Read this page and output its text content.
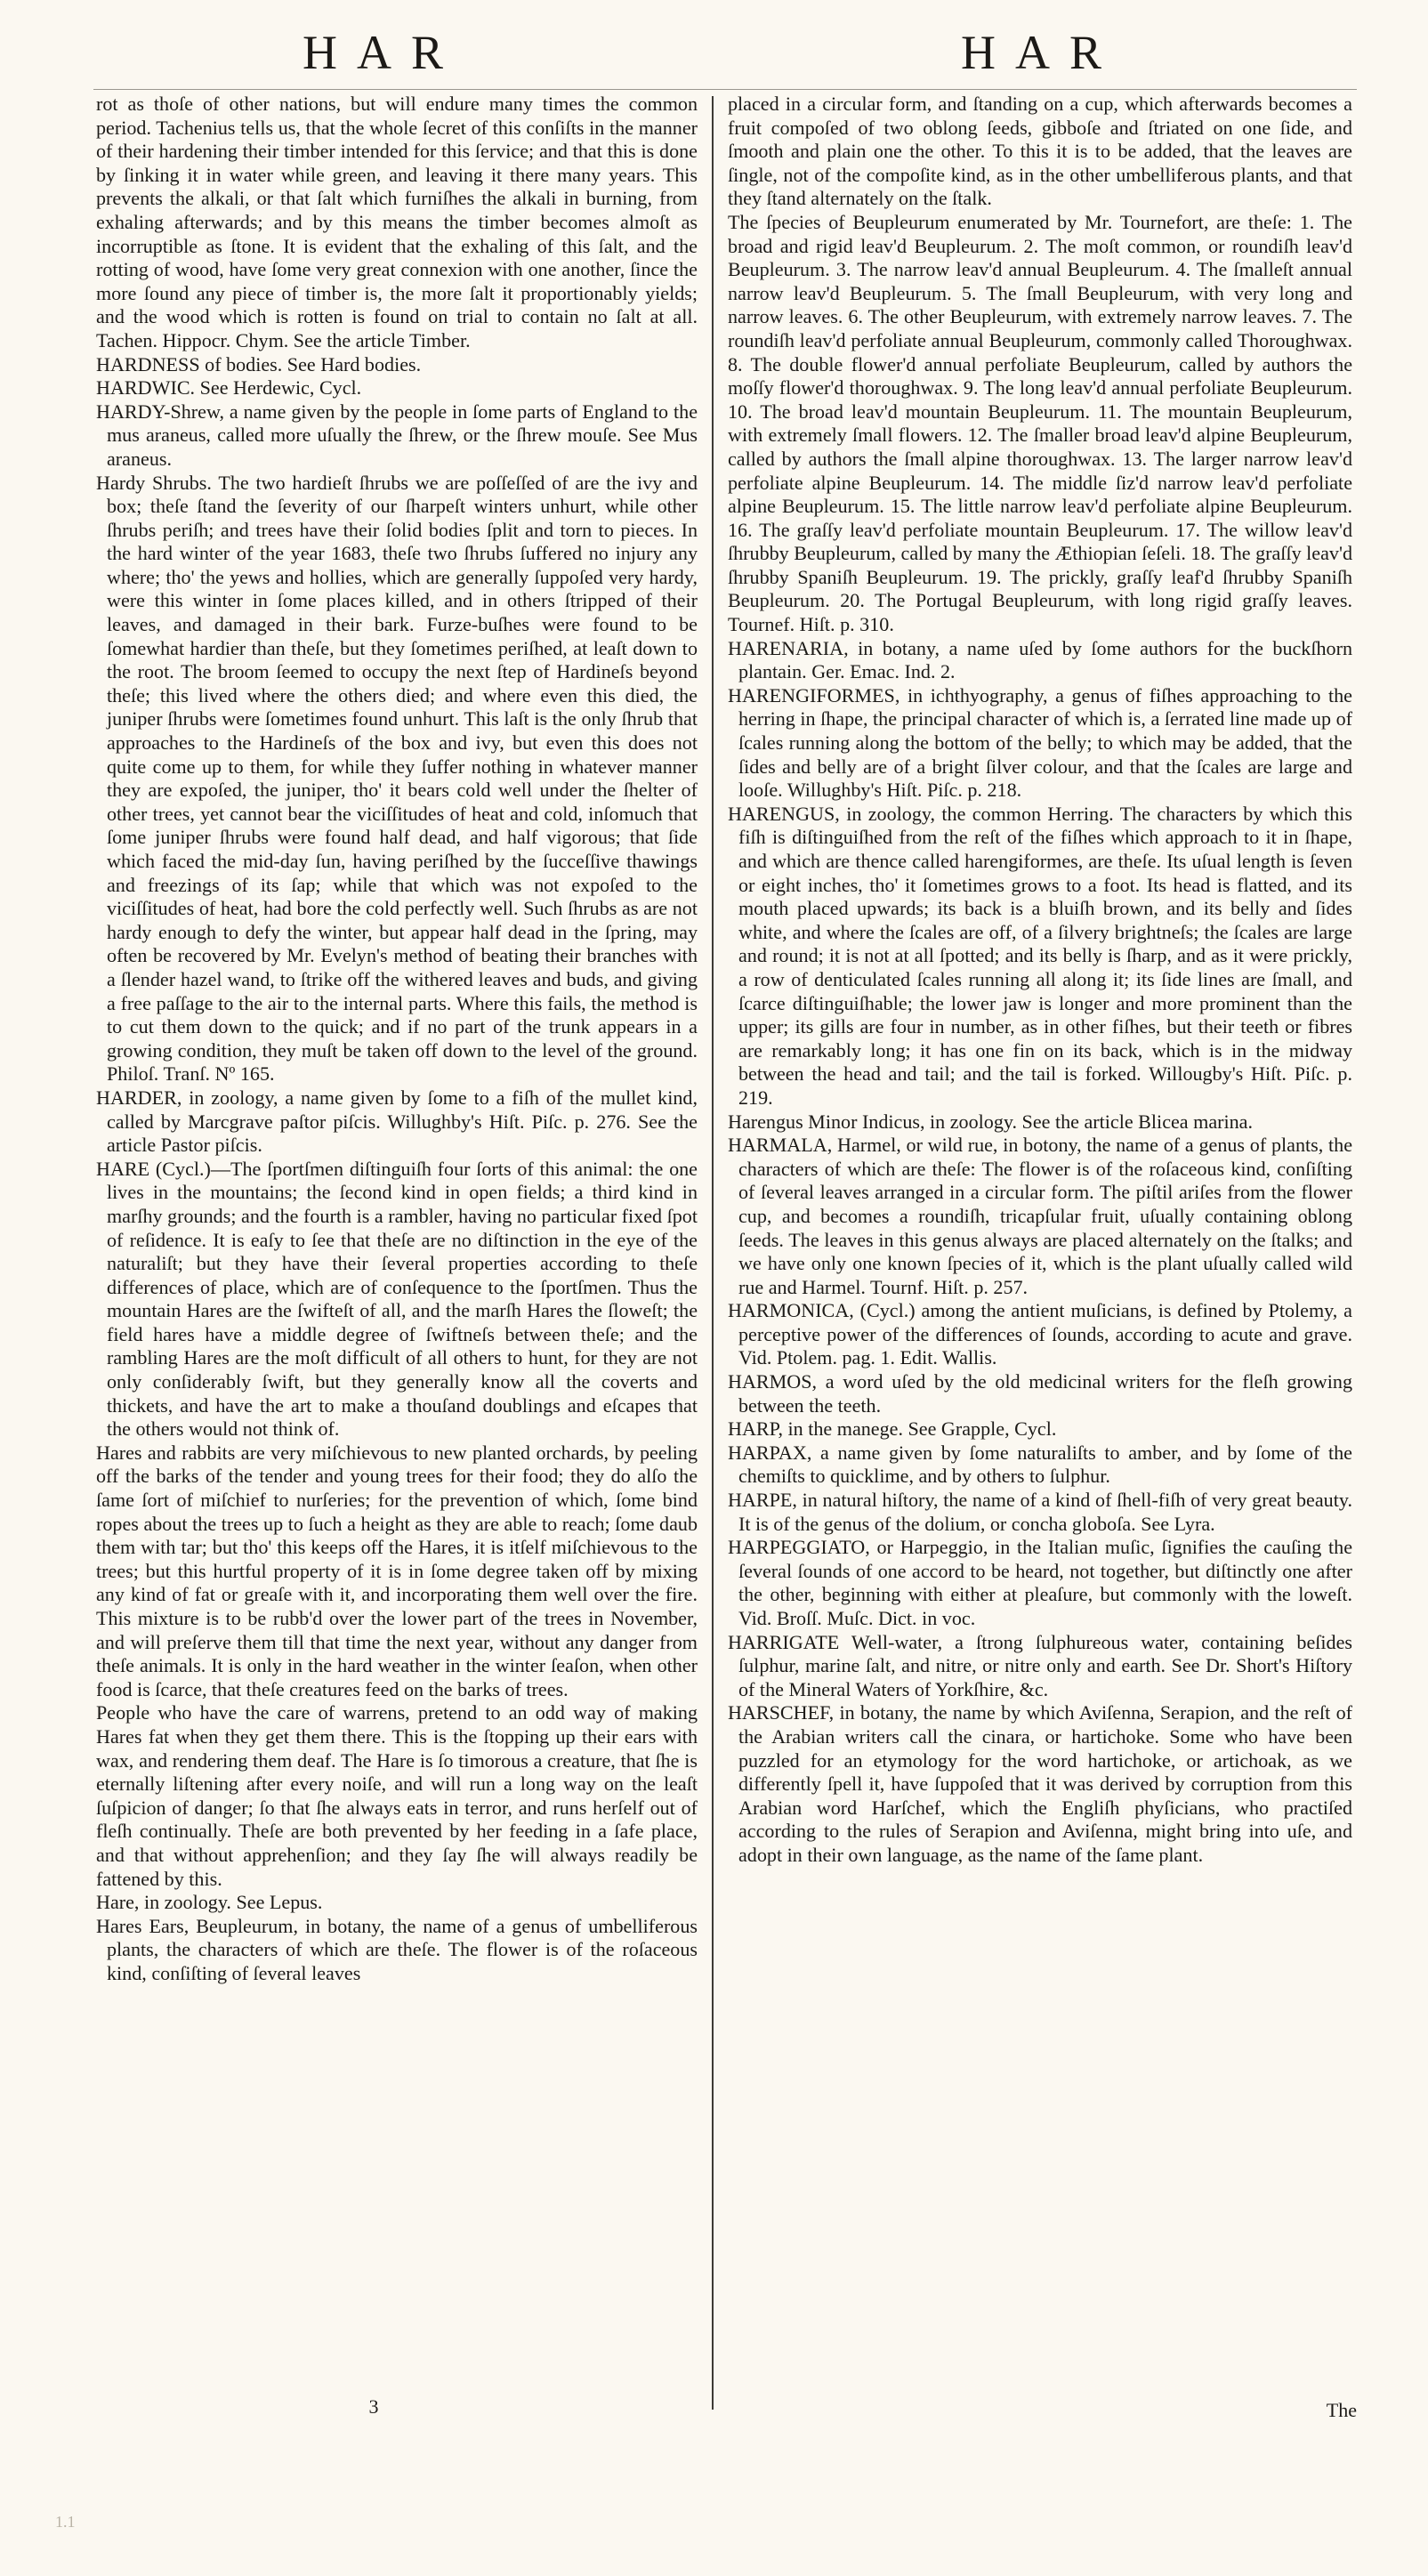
HAR	HAR

rot as thoſe of other nations, but will endure many times the common period. Tachenius tells us, that the whole ſecret of this conſiſts in the manner of their hardening their timber intended for this ſervice; and that this is done by ſinking it in water while green, and leaving it there many years. This prevents the alkali, or that ſalt which furniſhes the alkali in burning, from exhaling afterwards; and by this means the timber becomes almoſt as incorruptible as ſtone. It is evident that the exhaling of this ſalt, and the rotting of wood, have ſome very great connexion with one another, ſince the more ſound any piece of timber is, the more ſalt it proportionably yields; and the wood which is rotten is found on trial to contain no ſalt at all. Tachen. Hippocr. Chym. See the article Timber.

HARDNESS of bodies. See Hard bodies.

HARDWIC. See Herdewic, Cycl.

HARDY-Shrew, a name given by the people in ſome parts of England to the mus araneus, called more uſually the ſhrew, or the ſhrew mouſe. See Mus araneus.

Hardy Shrubs. The two hardieſt ſhrubs we are poſſeſſed of are the ivy and box; theſe ſtand the ſeverity of our ſharpeſt winters unhurt, while other ſhrubs periſh; and trees have their ſolid bodies ſplit and torn to pieces. In the hard winter of the year 1683, theſe two ſhrubs ſuffered no injury any where; tho' the yews and hollies, which are generally ſuppoſed very hardy, were this winter in ſome places killed, and in others ſtripped of their leaves, and damaged in their bark. Furze-buſhes were found to be ſomewhat hardier than theſe, but they ſometimes periſhed, at leaſt down to the root. The broom ſeemed to occupy the next ſtep of Hardineſs beyond theſe; this lived where the others died; and where even this died, the juniper ſhrubs were ſometimes found unhurt. This laſt is the only ſhrub that approaches to the Hardineſs of the box and ivy, but even this does not quite come up to them, for while they ſuffer nothing in whatever manner they are expoſed, the juniper, tho' it bears cold well under the ſhelter of other trees, yet cannot bear the viciſſitudes of heat and cold, inſomuch that ſome juniper ſhrubs were found half dead, and half vigorous; that ſide which faced the mid-day ſun, having periſhed by the ſucceſſive thawings and freezings of its ſap; while that which was not expoſed to the viciſſitudes of heat, had bore the cold perfectly well. Such ſhrubs as are not hardy enough to defy the winter, but appear half dead in the ſpring, may often be recovered by Mr. Evelyn's method of beating their branches with a ſlender hazel wand, to ſtrike off the withered leaves and buds, and giving a free paſſage to the air to the internal parts. Where this fails, the method is to cut them down to the quick; and if no part of the trunk appears in a growing condition, they muſt be taken off down to the level of the ground. Philoſ. Tranſ. Nº 165.

HARDER, in zoology, a name given by ſome to a fiſh of the mullet kind, called by Marcgrave paſtor piſcis. Willughby's Hiſt. Piſc. p. 276. See the article Pastor piſcis.

HARE (Cycl.)—The ſportſmen diſtinguiſh four ſorts of this animal: the one lives in the mountains; the ſecond kind in open fields; a third kind in marſhy grounds; and the fourth is a rambler, having no particular fixed ſpot of reſidence. It is eaſy to ſee that theſe are no diſtinction in the eye of the naturaliſt; but they have their ſeveral properties according to theſe differences of place, which are of conſequence to the ſportſmen. Thus the mountain Hares are the ſwifteſt of all, and the marſh Hares the ſloweſt; the field hares have a middle degree of ſwiftneſs between theſe; and the rambling Hares are the moſt difficult of all others to hunt, for they are not only conſiderably ſwift, but they generally know all the coverts and thickets, and have the art to make a thouſand doublings and eſcapes that the others would not think of.

Hares and rabbits are very miſchievous to new planted orchards, by peeling off the barks of the tender and young trees for their food; they do alſo the ſame ſort of miſchief to nurſeries; for the prevention of which, ſome bind ropes about the trees up to ſuch a height as they are able to reach; ſome daub them with tar; but tho' this keeps off the Hares, it is itſelf miſchievous to the trees; but this hurtful property of it is in ſome degree taken off by mixing any kind of fat or greaſe with it, and incorporating them well over the fire. This mixture is to be rubb'd over the lower part of the trees in November, and will preſerve them till that time the next year, without any danger from theſe animals. It is only in the hard weather in the winter ſeaſon, when other food is ſcarce, that theſe creatures feed on the barks of trees.

People who have the care of warrens, pretend to an odd way of making Hares fat when they get them there. This is the ſtopping up their ears with wax, and rendering them deaf. The Hare is ſo timorous a creature, that ſhe is eternally liſtening after every noiſe, and will run a long way on the leaſt ſuſpicion of danger; ſo that ſhe always eats in terror, and runs herſelf out of fleſh continually. Theſe are both prevented by her feeding in a ſafe place, and that without apprehenſion; and they ſay ſhe will always readily be fattened by this.

Hare, in zoology. See Lepus.

Hares Ears, Beupleurum, in botany, the name of a genus of umbelliferous plants, the characters of which are theſe. The flower is of the roſaceous kind, conſiſting of ſeveral leaves

placed in a circular form, and ſtanding on a cup, which afterwards becomes a fruit compoſed of two oblong ſeeds, gibboſe and ſtriated on one ſide, and ſmooth and plain one the other. To this it is to be added, that the leaves are ſingle, not of the compoſite kind, as in the other umbelliferous plants, and that they ſtand alternately on the ſtalk.

The ſpecies of Beupleurum enumerated by Mr. Tournefort, are theſe: 1. The broad and rigid leav'd Beupleurum. 2. The moſt common, or roundiſh leav'd Beupleurum. 3. The narrow leav'd annual Beupleurum. 4. The ſmalleſt annual narrow leav'd Beupleurum. 5. The ſmall Beupleurum, with very long and narrow leaves. 6. The other Beupleurum, with extremely narrow leaves. 7. The roundiſh leav'd perfoliate annual Beupleurum, commonly called Thoroughwax. 8. The double flower'd annual perfoliate Beupleurum, called by authors the moſſy flower'd thoroughwax. 9. The long leav'd annual perfoliate Beupleurum. 10. The broad leav'd mountain Beupleurum. 11. The mountain Beupleurum, with extremely ſmall flowers. 12. The ſmaller broad leav'd alpine Beupleurum, called by authors the ſmall alpine thoroughwax. 13. The larger narrow leav'd perfoliate alpine Beupleurum. 14. The middle ſiz'd narrow leav'd perfoliate alpine Beupleurum. 15. The little narrow leav'd perfoliate alpine Beupleurum. 16. The graſſy leav'd perfoliate mountain Beupleurum. 17. The willow leav'd ſhrubby Beupleurum, called by many the Æthiopian ſeſeli. 18. The graſſy leav'd ſhrubby Spaniſh Beupleurum. 19. The prickly, graſſy leaf'd ſhrubby Spaniſh Beupleurum. 20. The Portugal Beupleurum, with long rigid graſſy leaves. Tournef. Hiſt. p. 310.

HARENARIA, in botany, a name uſed by ſome authors for the buckſhorn plantain. Ger. Emac. Ind. 2.

HARENGIFORMES, in ichthyography, a genus of fiſhes approaching to the herring in ſhape, the principal character of which is, a ſerrated line made up of ſcales running along the bottom of the belly; to which may be added, that the ſides and belly are of a bright ſilver colour, and that the ſcales are large and looſe. Willughby's Hiſt. Piſc. p. 218.

HARENGUS, in zoology, the common Herring. The characters by which this fiſh is diſtinguiſhed from the reſt of the fiſhes which approach to it in ſhape, and which are thence called harengiformes, are theſe. Its uſual length is ſeven or eight inches, tho' it ſometimes grows to a foot. Its head is flatted, and its mouth placed upwards; its back is a bluiſh brown, and its belly and ſides white, and where the ſcales are off, of a ſilvery brightneſs; the ſcales are large and round; it is not at all ſpotted; and its belly is ſharp, and as it were prickly, a row of denticulated ſcales running all along it; its ſide lines are ſmall, and ſcarce diſtinguiſhable; the lower jaw is longer and more prominent than the upper; its gills are four in number, as in other fiſhes, but their teeth or fibres are remarkably long; it has one fin on its back, which is in the midway between the head and tail; and the tail is forked. Willougby's Hiſt. Piſc. p. 219.

Harengus Minor Indicus, in zoology. See the article Blicea marina.

HARMALA, Harmel, or wild rue, in botony, the name of a genus of plants, the characters of which are theſe: The flower is of the roſaceous kind, conſiſting of ſeveral leaves arranged in a circular form. The piſtil ariſes from the flower cup, and becomes a roundiſh, tricapſular fruit, uſually containing oblong ſeeds. The leaves in this genus always are placed alternately on the ſtalks; and we have only one known ſpecies of it, which is the plant uſually called wild rue and Harmel. Tournf. Hiſt. p. 257.

HARMONICA, (Cycl.) among the antient muſicians, is defined by Ptolemy, a perceptive power of the differences of ſounds, according to acute and grave. Vid. Ptolem. pag. 1. Edit. Wallis.

HARMOS, a word uſed by the old medicinal writers for the fleſh growing between the teeth.

HARP, in the manege. See Grapple, Cycl.

HARPAX, a name given by ſome naturaliſts to amber, and by ſome of the chemiſts to quicklime, and by others to ſulphur.

HARPE, in natural hiſtory, the name of a kind of ſhell-fiſh of very great beauty. It is of the genus of the dolium, or concha globoſa. See Lyra.

HARPEGGIATO, or Harpeggio, in the Italian muſic, ſignifies the cauſing the ſeveral ſounds of one accord to be heard, not together, but diſtinctly one after the other, beginning with either at pleaſure, but commonly with the loweſt. Vid. Broſſ. Muſc. Dict. in voc.

HARRIGATE Well-water, a ſtrong ſulphureous water, containing beſides ſulphur, marine ſalt, and nitre, or nitre only and earth. See Dr. Short's Hiſtory of the Mineral Waters of Yorkſhire, &c.

HARSCHEF, in botany, the name by which Aviſenna, Serapion, and the reſt of the Arabian writers call the cinara, or hartichoke. Some who have been puzzled for an etymology for the word hartichoke, or artichoak, as we differently ſpell it, have ſuppoſed that it was derived by corruption from this Arabian word Harſchef, which the Engliſh phyſicians, who practiſed according to the rules of Serapion and Aviſenna, might bring into uſe, and adopt in their own language, as the name of the ſame plant.

3	The
1.1
